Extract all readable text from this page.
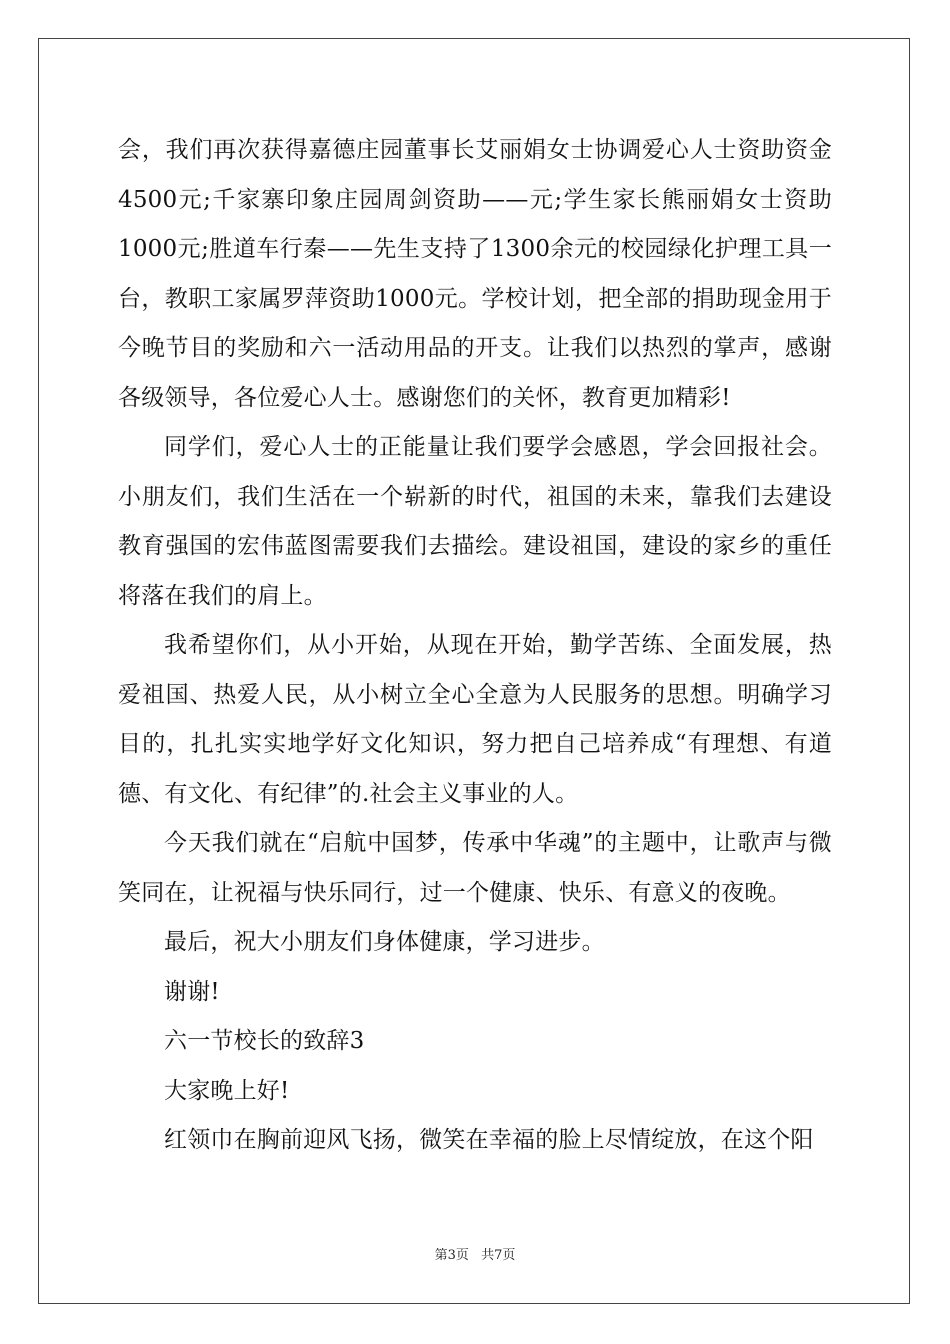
会，我们再次获得嘉德庄园董事长艾丽娟女士协调爱心人士资助资金4500元;千家寨印象庄园周剑资助——元;学生家长熊丽娟女士资助1000元;胜道车行秦——先生支持了1300余元的校园绿化护理工具一台，教职工家属罗萍资助1000元。学校计划，把全部的捐助现金用于今晚节目的奖励和六一活动用品的开支。让我们以热烈的掌声，感谢各级领导，各位爱心人士。感谢您们的关怀，教育更加精彩!

同学们，爱心人士的正能量让我们要学会感恩，学会回报社会。小朋友们，我们生活在一个崭新的时代，祖国的未来，靠我们去建设教育强国的宏伟蓝图需要我们去描绘。建设祖国，建设的家乡的重任将落在我们的肩上。

我希望你们，从小开始，从现在开始，勤学苦练、全面发展，热爱祖国、热爱人民，从小树立全心全意为人民服务的思想。明确学习目的，扎扎实实地学好文化知识，努力把自己培养成“有理想、有道德、有文化、有纪律”的.社会主义事业的人。

今天我们就在“启航中国梦，传承中华魂”的主题中，让歌声与微笑同在，让祝福与快乐同行，过一个健康、快乐、有意义的夜晚。

最后，祝大小朋友们身体健康，学习进步。

谢谢!

六一节校长的致辞3

大家晚上好!

红领巾在胸前迎风飞扬，微笑在幸福的脸上尽情绽放，在这个阳

第3页 共7页
